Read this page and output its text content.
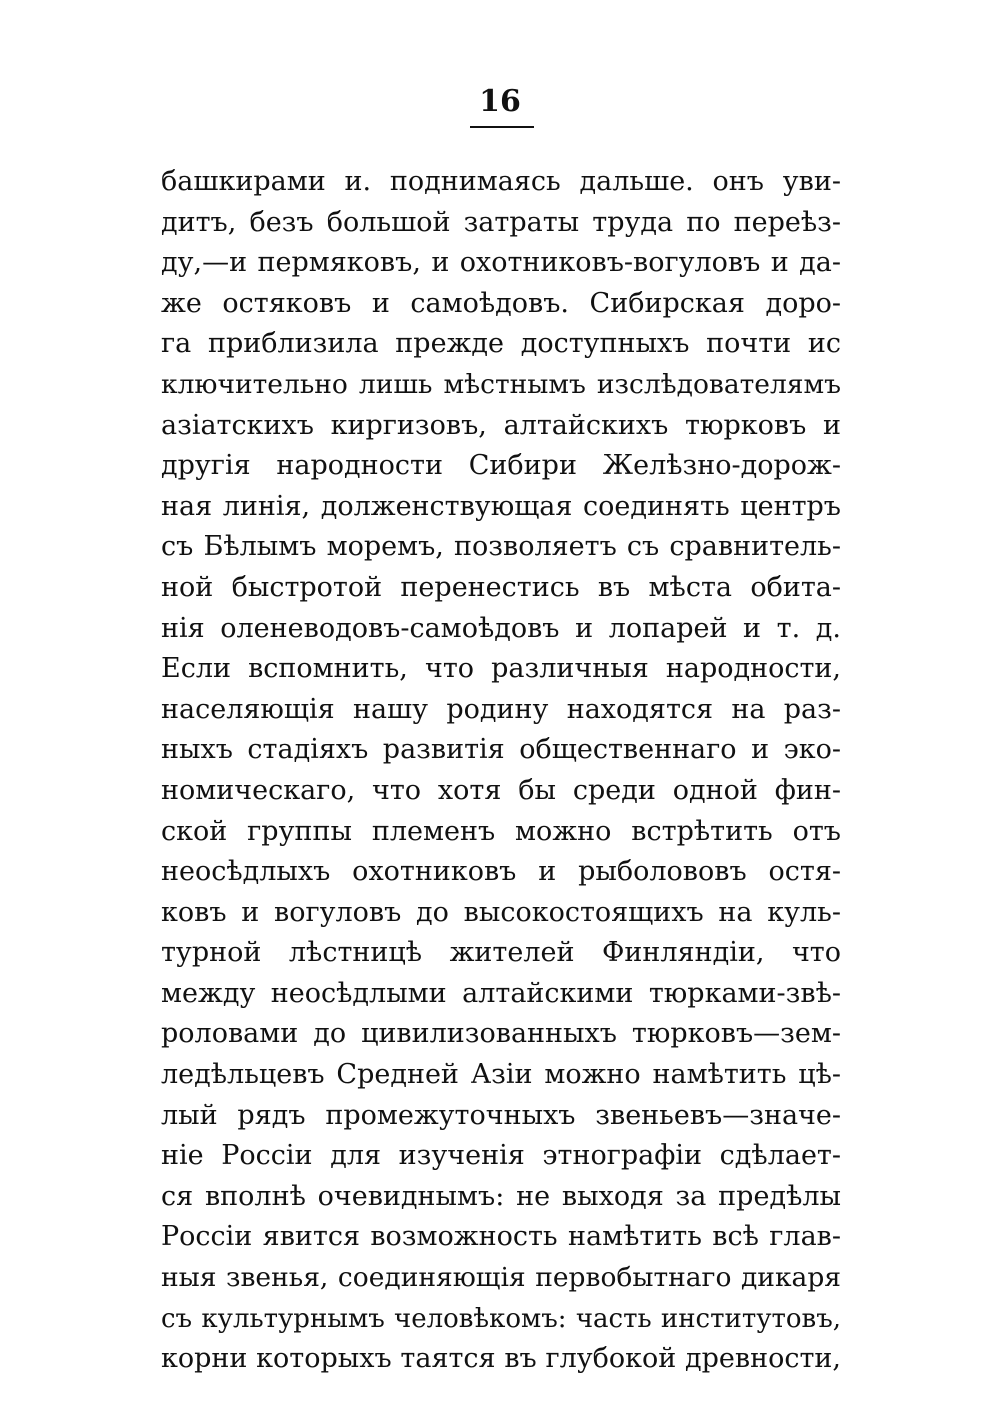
16
башкирами и. поднимаясь дальше. онъ уви-
дитъ, безъ большой затраты труда по переѣз-
ду,—и пермяковъ, и охотниковъ-вогуловъ и да-
же остяковъ и самоѣдовъ. Сибирская доро-
га приблизила прежде доступныхъ почти ис
ключительно лишь мѣстнымъ изслѣдователямъ
азіатскихъ киргизовъ, алтайскихъ тюрковъ и
другія народности Сибири Желѣзно-дорож-
ная линія, долженствующая соединять центръ
съ Бѣлымъ моремъ, позволяетъ съ сравнитель-
ной быстротой перенестись въ мѣста обита-
нія оленеводовъ-самоѣдовъ и лопарей и т. д.
Если вспомнить, что различныя народности,
населяющія нашу родину находятся на раз-
ныхъ стадіяхъ развитія общественнаго и эко-
номическаго, что хотя бы среди одной фин-
ской группы племенъ можно встрѣтить отъ
неосѣдлыхъ охотниковъ и рыболововъ остя-
ковъ и вогуловъ до высокостоящихъ на куль-
турной лѣстницѣ жителей Финляндіи, что
между неосѣдлыми алтайскими тюрками-звѣ-
роловами до цивилизованныхъ тюрковъ—зем-
ледѣльцевъ Средней Азіи можно намѣтить цѣ-
лый рядъ промежуточныхъ звеньевъ—значе-
ніе Россіи для изученія этнографіи сдѣлает-
ся вполнѣ очевиднымъ: не выходя за предѣлы
Россіи явится возможность намѣтить всѣ глав-
ныя звенья, соединяющія первобытнаго дикаря
съ культурнымъ человѣкомъ: часть институтовъ,
корни которыхъ таятся въ глубокой древности,
